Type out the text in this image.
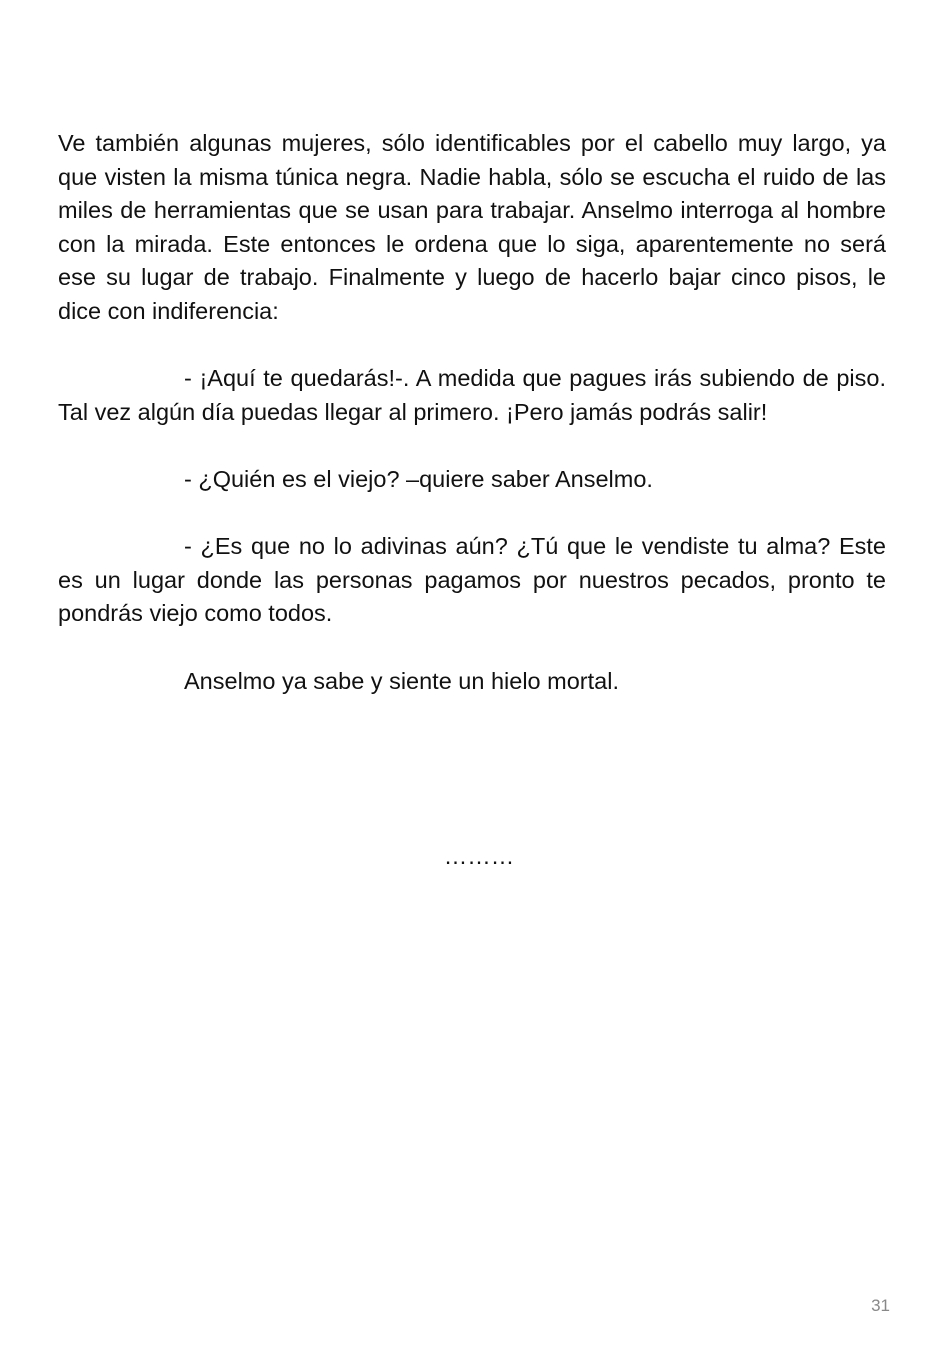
Ve también algunas mujeres, sólo identificables por el cabello muy largo, ya que visten la misma túnica negra. Nadie habla, sólo se escucha el ruido de las miles de herramientas que se usan para trabajar. Anselmo interroga al hombre con la mirada. Este entonces le ordena que lo siga, aparentemente no será ese su lugar de trabajo. Finalmente y luego de hacerlo bajar cinco pisos, le dice con indiferencia:

- ¡Aquí te quedarás!-. A medida que pagues irás subiendo de piso. Tal vez algún día puedas llegar al primero. ¡Pero jamás podrás salir!

- ¿Quién es el viejo? –quiere saber Anselmo.

- ¿Es que no lo adivinas aún? ¿Tú que le vendiste tu alma? Este es un lugar donde las personas pagamos por nuestros pecados, pronto te pondrás viejo como todos.

Anselmo ya sabe y siente un hielo mortal.

………
31
